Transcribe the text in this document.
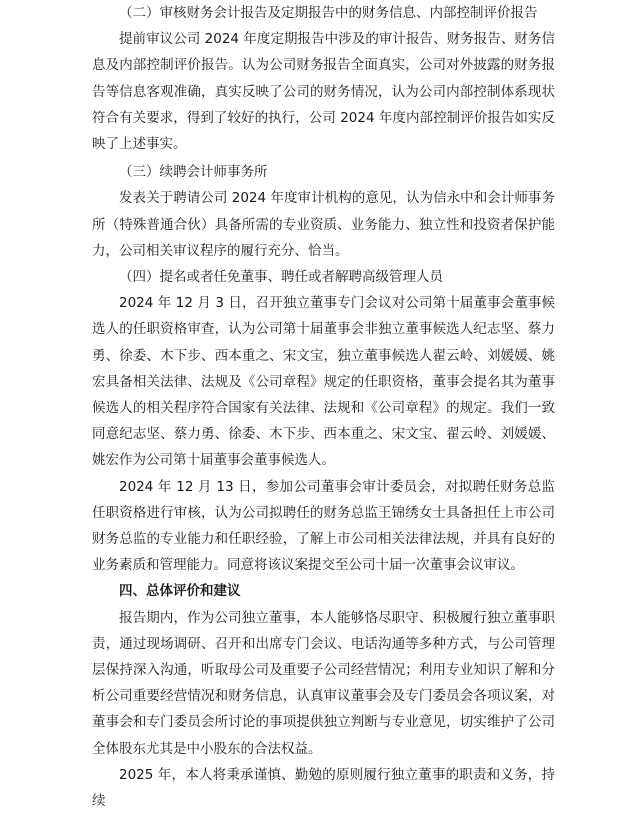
（二）审核财务会计报告及定期报告中的财务信息、内部控制评价报告

提前审议公司 2024 年度定期报告中涉及的审计报告、财务报告、财务信息及内部控制评价报告。认为公司财务报告全面真实，公司对外披露的财务报告等信息客观准确，真实反映了公司的财务情况，认为公司内部控制体系现状符合有关要求，得到了较好的执行，公司 2024 年度内部控制评价报告如实反映了上述事实。

（三）续聘会计师事务所

发表关于聘请公司 2024 年度审计机构的意见，认为信永中和会计师事务所（特殊普通合伙）具备所需的专业资质、业务能力、独立性和投资者保护能力，公司相关审议程序的履行充分、恰当。

（四）提名或者任免董事、聘任或者解聘高级管理人员

2024 年 12 月 3 日，召开独立董事专门会议对公司第十届董事会董事候选人的任职资格审查，认为公司第十届董事会非独立董事候选人纪志坚、蔡力勇、徐委、木下步、西本重之、宋文宝，独立董事候选人翟云岭、刘媛媛、姚宏具备相关法律、法规及《公司章程》规定的任职资格，董事会提名其为董事候选人的相关程序符合国家有关法律、法规和《公司章程》的规定。我们一致同意纪志坚、蔡力勇、徐委、木下步、西本重之、宋文宝、翟云岭、刘媛媛、姚宏作为公司第十届董事会董事候选人。

2024 年 12 月 13 日，参加公司董事会审计委员会，对拟聘任财务总监任职资格进行审核，认为公司拟聘任的财务总监王锦绣女士具备担任上市公司财务总监的专业能力和任职经验，了解上市公司相关法律法规，并具有良好的业务素质和管理能力。同意将该议案提交至公司十届一次董事会议审议。

四、总体评价和建议

报告期内，作为公司独立董事，本人能够恪尽职守、积极履行独立董事职责，通过现场调研、召开和出席专门会议、电话沟通等多种方式，与公司管理层保持深入沟通，听取母公司及重要子公司经营情况；利用专业知识了解和分析公司重要经营情况和财务信息，认真审议董事会及专门委员会各项议案，对董事会和专门委员会所讨论的事项提供独立判断与专业意见，切实维护了公司全体股东尤其是中小股东的合法权益。

2025 年，本人将秉承谨慎、勤勉的原则履行独立董事的职责和义务，持续
